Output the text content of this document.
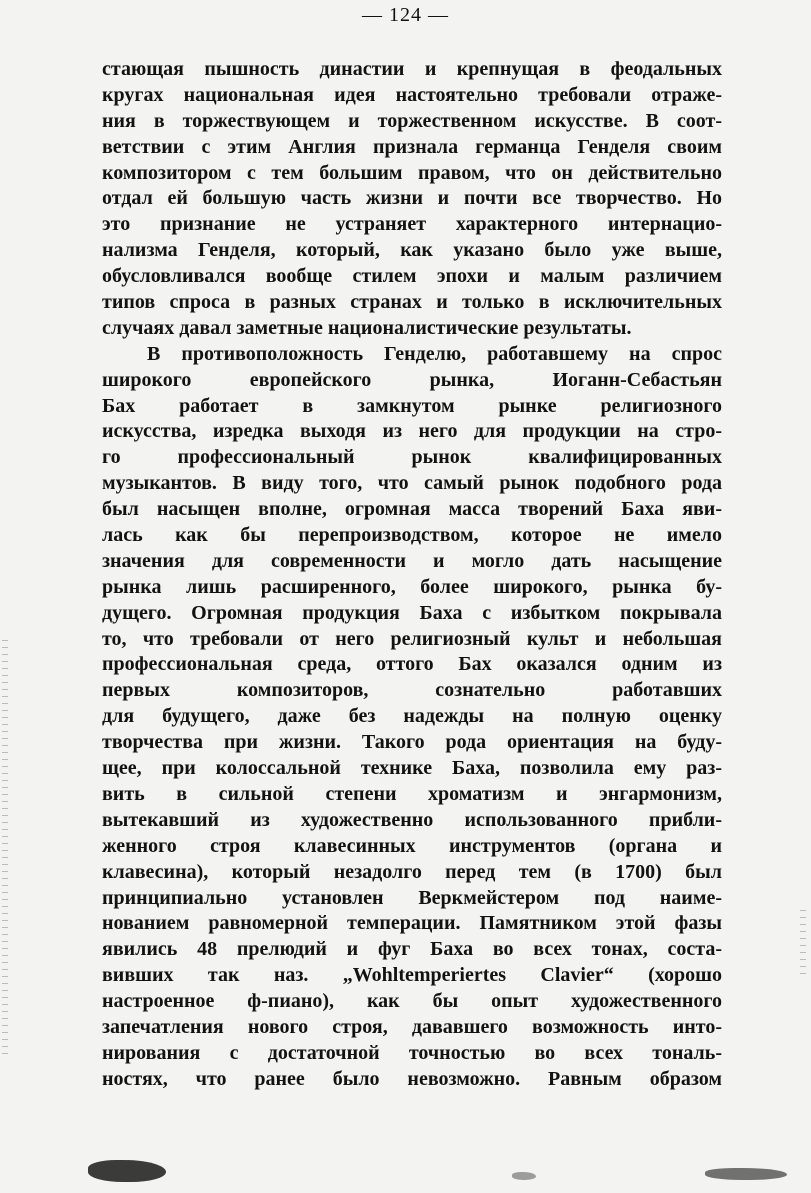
— 124 —
стающая пышность династии и крепнущая в феодальных
кругах национальная идея настоятельно требовали отраже-
ния в торжествующем и торжественном искусстве. В соот-
ветствии с этим Англия признала германца Генделя своим
композитором с тем большим правом, что он действительно
отдал ей большую часть жизни и почти все творчество. Но
это признание не устраняет характерного интернацио-
нализма Генделя, который, как указано было уже выше,
обусловливался вообще стилем эпохи и малым различием
типов спроса в разных странах и только в исключительных
случаях давал заметные националистические результаты.
В противоположность Генделю, работавшему на спрос
широкого европейского рынка, Иоганн-Себастьян
Бах работает в замкнутом рынке религиозного
искусства, изредка выходя из него для продукции на стро-
го профессиональный рынок квалифицированных
музыкантов. В виду того, что самый рынок подобного рода
был насыщен вполне, огромная масса творений Баха яви-
лась как бы перепроизводством, которое не имело
значения для современности и могло дать насыщение
рынка лишь расширенного, более широкого, рынка бу-
дущего. Огромная продукция Баха с избытком покрывала
то, что требовали от него религиозный культ и небольшая
профессиональная среда, оттого Бах оказался одним из
первых композиторов, сознательно работавших
для будущего, даже без надежды на полную оценку
творчества при жизни. Такого рода ориентация на буду-
щее, при колоссальной технике Баха, позволила ему раз-
вить в сильной степени хроматизм и энгармонизм,
вытекавший из художественно использованного прибли-
женного строя клавесинных инструментов (органа и
клавесина), который незадолго перед тем (в 1700) был
принципиально установлен Веркмейстером под наиме-
нованием равномерной темперации. Памятником этой фазы
явились 48 прелюдий и фуг Баха во всех тонах, соста-
вивших так наз. „Wohltemperiertes Clavier“ (хорошо
настроенное ф-пиано), как бы опыт художественного
запечатления нового строя, дававшего возможность инто-
нирования с достаточной точностью во всех тональ-
ностях, что ранее было невозможно. Равным образом
